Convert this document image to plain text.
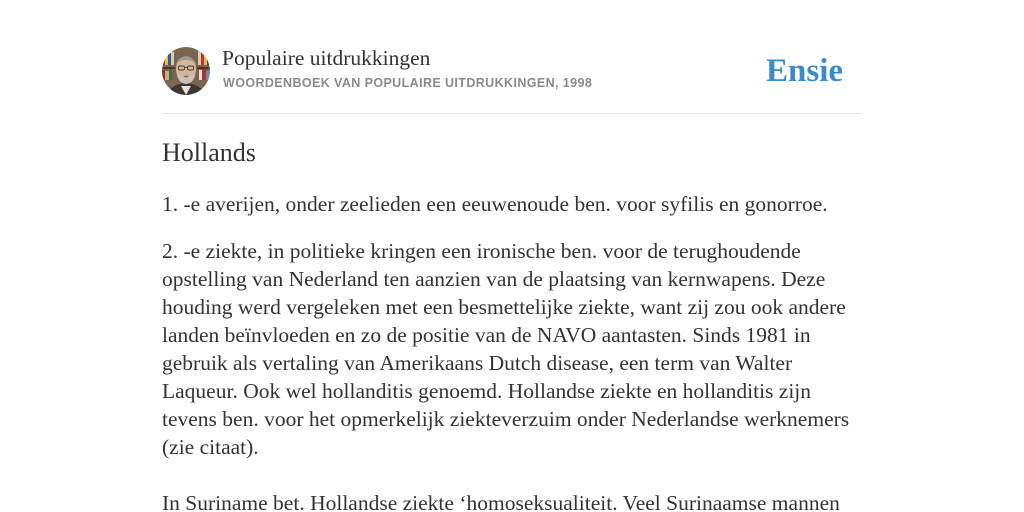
Populaire uitdrukkingen
WOORDENBOEK VAN POPULAIRE UITDRUKKINGEN, 1998	Ensie
Hollands
1. -e averijen, onder zeelieden een eeuwenoude ben. voor syfilis en gonorroe.
2. -e ziekte, in politieke kringen een ironische ben. voor de terughoudende
opstelling van Nederland ten aanzien van de plaatsing van kernwapens. Deze
houding werd vergeleken met een besmettelijke ziekte, want zij zou ook andere
landen beïnvloeden en zo de positie van de NAVO aantasten. Sinds 1981 in
gebruik als vertaling van Amerikaans Dutch disease, een term van Walter
Laqueur. Ook wel hollanditis genoemd. Hollandse ziekte en hollanditis zijn
tevens ben. voor het opmerkelijk ziekteverzuim onder Nederlandse werknemers
(zie citaat).
In Suriname bet. Hollandse ziekte ‘homoseksualiteit. Veel Surinaamse mannen
